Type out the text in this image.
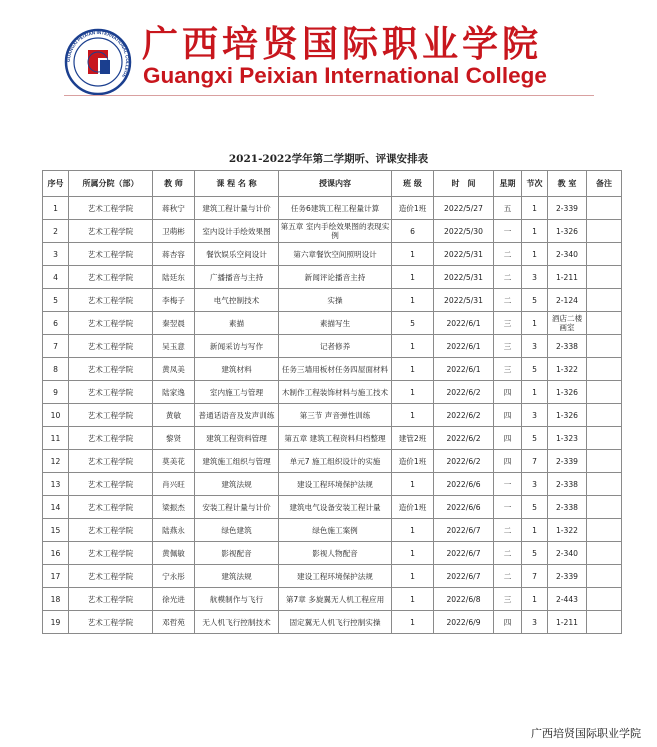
GUANGXI PEIXIAN INTERNATIONAL COLLEGE
广西培贤国际职业学院
Guangxi Peixian International College
2021-2022学年第二学期听、评课安排表
序号	所属分院（部）	教 师	课 程 名 称	授课内容	班 级	时　间	星期	节次	教 室	备注
1	艺术工程学院	蒋秋宁	建筑工程计量与计价	任务6建筑工程工程量计算	造价1班	2022/5/27	五	1	2-339	
2	艺术工程学院	卫萌彬	室内设计手绘效果图	第五章 室内手绘效果图的表现实例	6	2022/5/30	一	1	1-326	
3	艺术工程学院	蒋杏容	餐饮娱乐空间设计	第六章餐饮空间照明设计	1	2022/5/31	二	1	2-340	
4	艺术工程学院	陆廷东	广播播音与主持	新闻评论播音主持	1	2022/5/31	二	3	1-211	
5	艺术工程学院	李梅子	电气控制技术	实操	1	2022/5/31	二	5	2-124	
6	艺术工程学院	秦翌晨	素描	素描写生	5	2022/6/1	三	1	酒店二楼画室	
7	艺术工程学院	吴玉意	新闻采访与写作	记者修养	1	2022/6/1	三	3	2-338	
8	艺术工程学院	黄凤美	建筑材料	任务三墙用板材任务四屋面材料	1	2022/6/1	三	5	1-322	
9	艺术工程学院	陆家逸	室内施工与管理	木制作工程装饰材料与施工技术	1	2022/6/2	四	1	1-326	
10	艺术工程学院	黄敏	普通话语音及发声训练	第三节 声音弹性训练	1	2022/6/2	四	3	1-326	
11	艺术工程学院	黎贤	建筑工程资料管理	第五章 建筑工程资料归档整理	建管2班	2022/6/2	四	5	1-323	
12	艺术工程学院	莫美花	建筑施工组织与管理	单元7 施工组织设计的实施	造价1班	2022/6/2	四	7	2-339	
13	艺术工程学院	肖兴旺	建筑法规	建设工程环境保护法规	1	2022/6/6	一	3	2-338	
14	艺术工程学院	梁振杰	安装工程计量与计价	建筑电气设备安装工程计量	造价1班	2022/6/6	一	5	2-338	
15	艺术工程学院	陆燕永	绿色建筑	绿色施工案例	1	2022/6/7	二	1	1-322	
16	艺术工程学院	黄佩敏	影视配音	影视人物配音	1	2022/6/7	二	5	2-340	
17	艺术工程学院	宁永彤	建筑法规	建设工程环境保护法规	1	2022/6/7	二	7	2-339	
18	艺术工程学院	徐光进	航模制作与飞行	第7章 多旋翼无人机工程应用	1	2022/6/8	三	1	2-443	
19	艺术工程学院	邓哲苑	无人机飞行控制技术	固定翼无人机飞行控制实操	1	2022/6/9	四	3	1-211	
广西培贤国际职业学院
